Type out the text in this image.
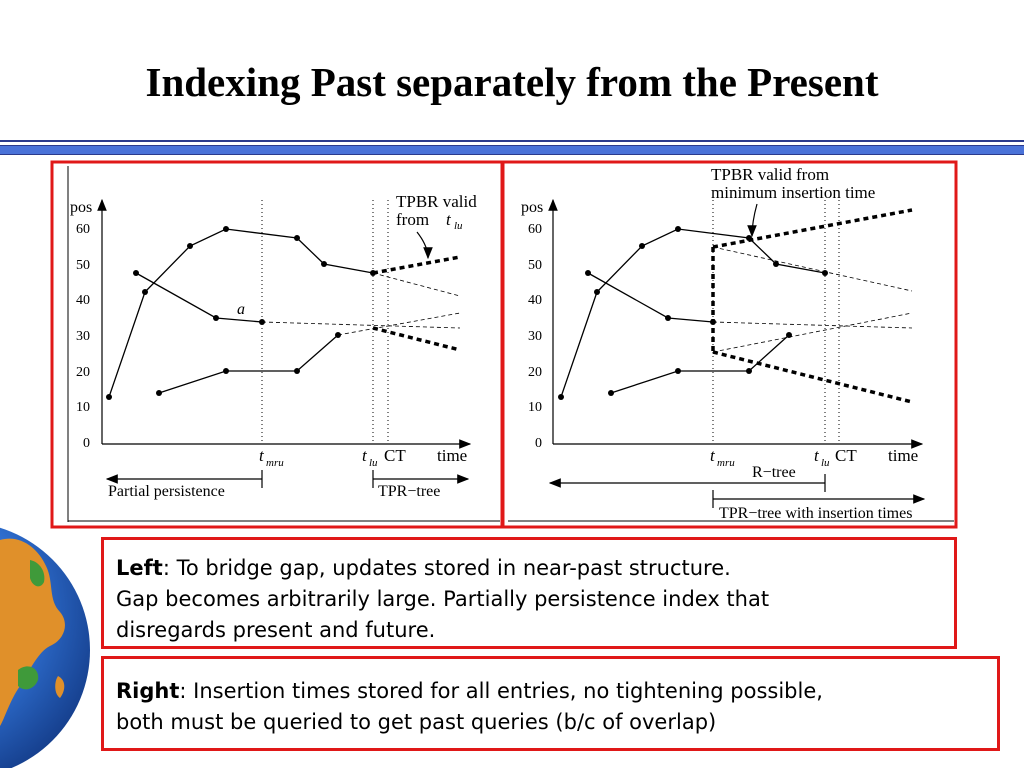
Indexing Past separately from the Present
pos
60
50
40
30
20
10
0
a
TPBR valid
from t lu
t mru	t lu CT time
Partial persistence	TPR−tree
pos
60
50
40
30
20
10
0
TPBR valid from
minimum insertion time
t mru	t lu CT time
R−tree
TPR−tree with insertion times
Left: To bridge gap, updates stored in near-past structure.
Gap becomes arbitrarily large. Partially persistence index that
disregards present and future.
Right: Insertion times stored for all entries, no tightening possible,
both must be queried to get past queries (b/c of overlap)
